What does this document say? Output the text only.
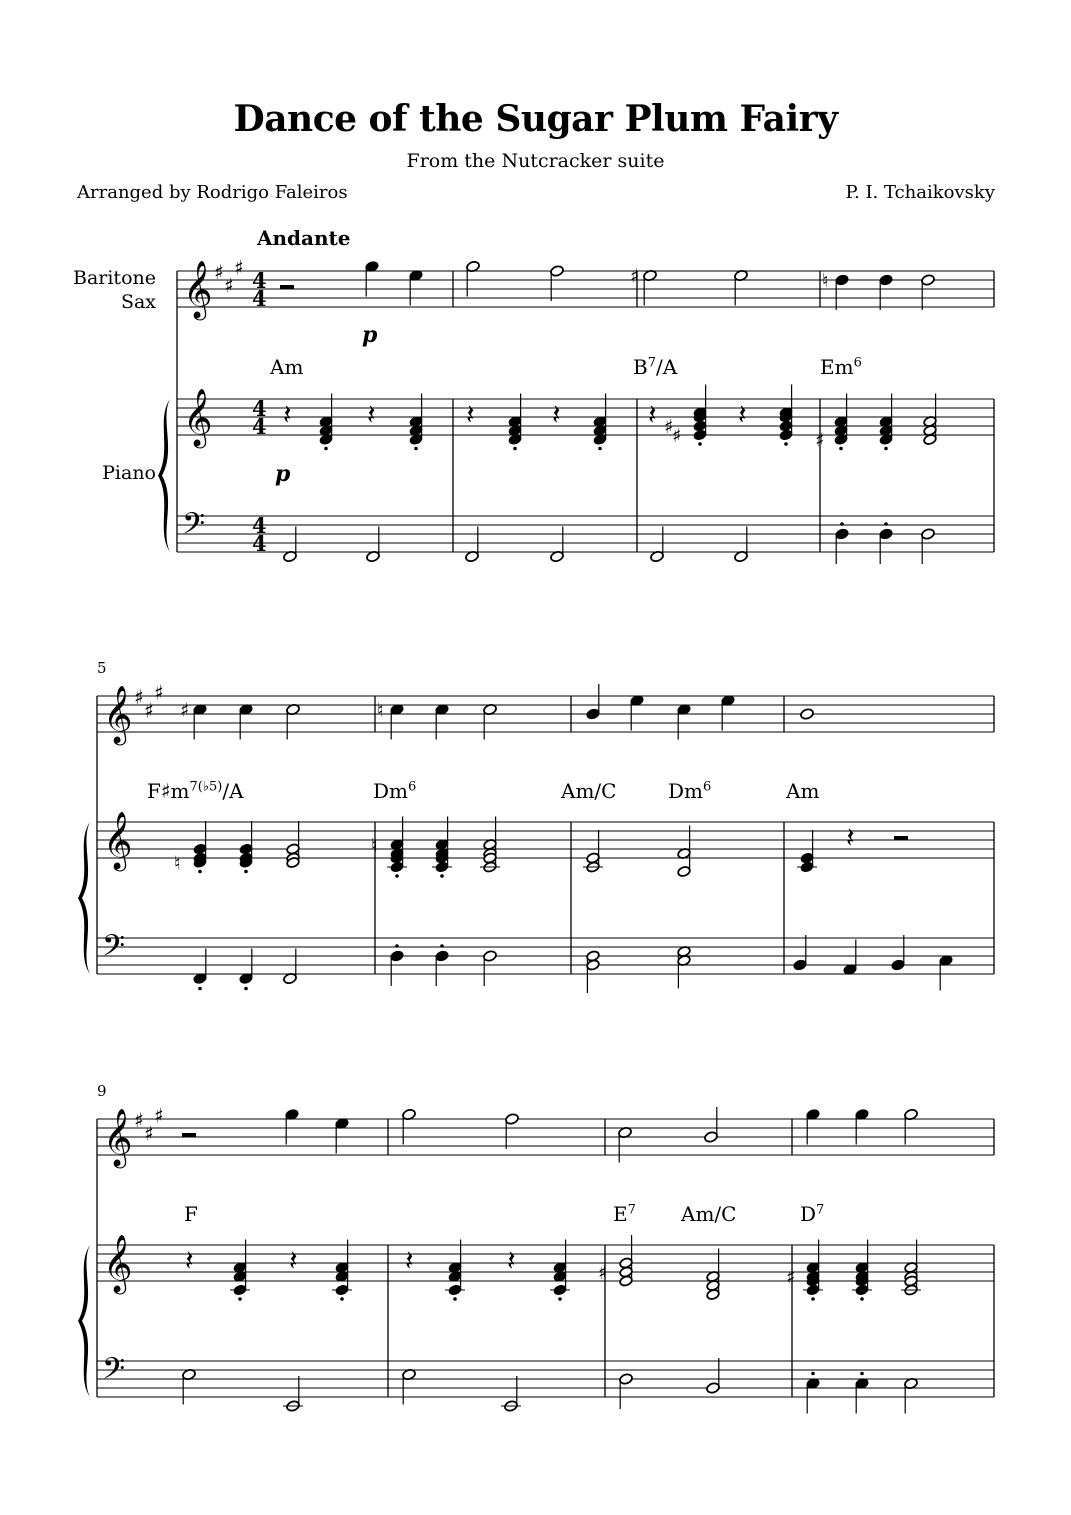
Dance of the Sugar Plum Fairy
From the Nutcracker suite
Arranged by Rodrigo Faleiros	P. I. Tchaikovsky
Andante
Baritone
Sax
Piano
5
9
Am	$B^7/A$	Em$^6$
$F♯m^{7(♭5)}/A$	Dm$^6$	Am/C	Dm$^6$	Am
F	$E^7$ Am/C	$D^7$
𝄞 ♯
♯
♯
4
4
𝄞 4
4
𝄢 4
4
p
p
♯	♮
𝄽	𝄽	𝄽	𝄽	𝄽
♯
♯ 𝄽
♯
𝄞 ♯
♯
♯
𝄞
𝄢
♯	♮
♮
♮	𝄽
𝄞 ♯
♯
♯
𝄞
𝄢
𝄽	𝄽	𝄽	𝄽	♯	♯
